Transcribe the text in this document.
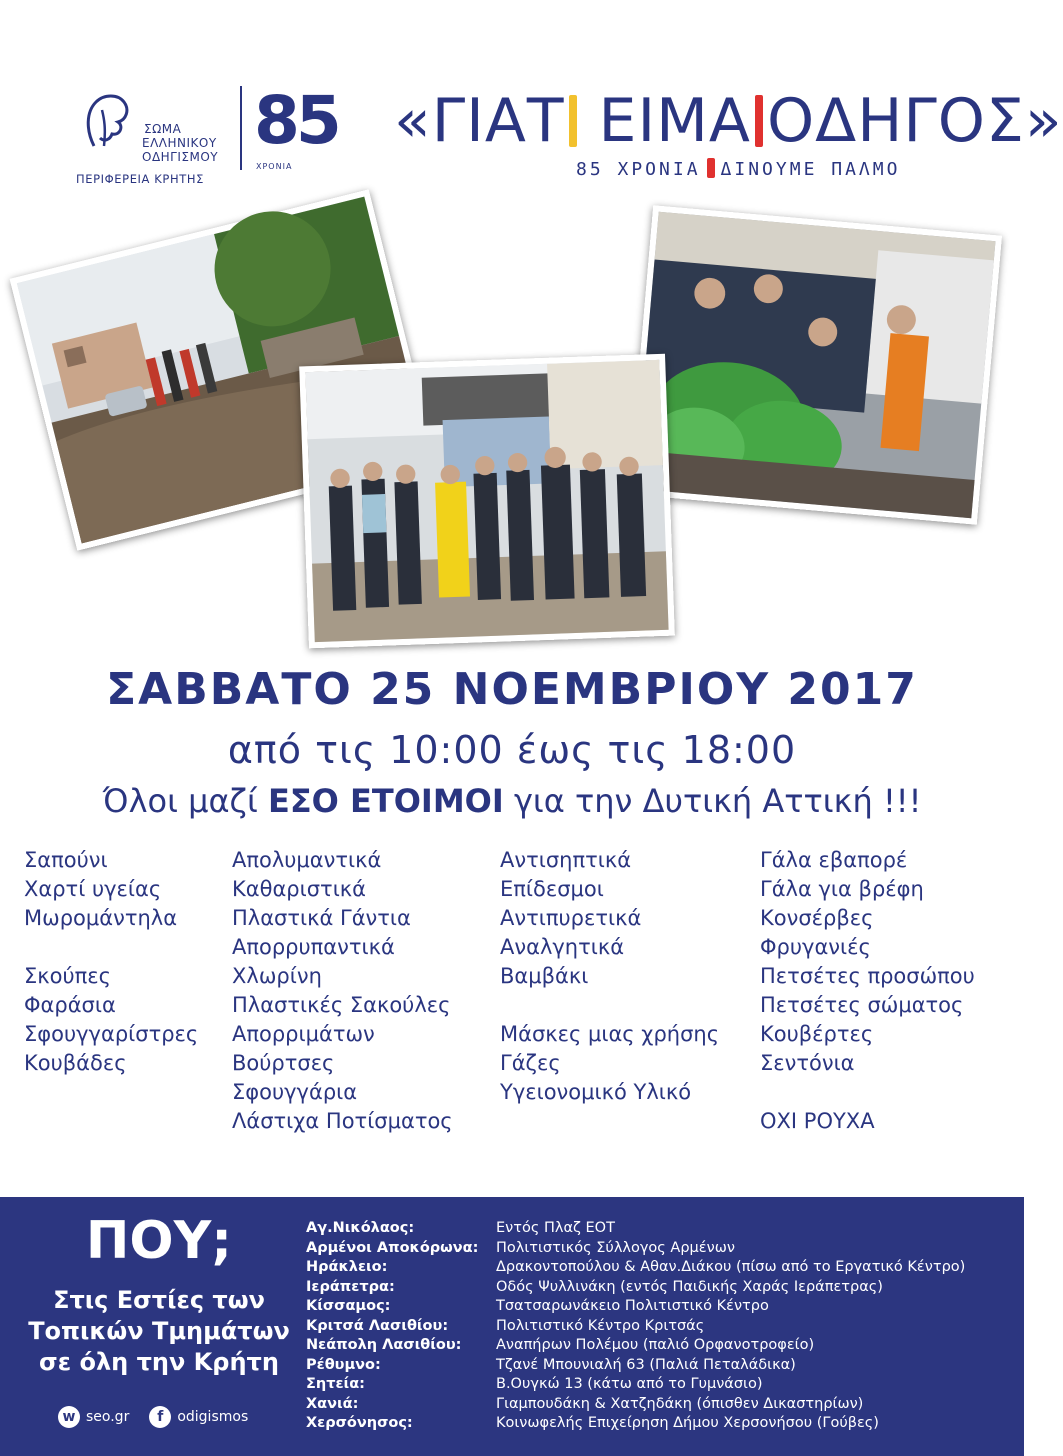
ΣΩΜΑ
ΕΛΛΗΝΙΚΟΥ
ΟΔΗΓΙΣΜΟΥ
ΠΕΡΙΦΕΡΕΙΑ ΚΡΗΤΗΣ
85
ΧΡΟΝΙΑ
«ΓΙΑΤ ΕΙΜΑ ΟΔΗΓΟΣ»
85 ΧΡΟΝΙΑ ΔΙΝΟΥΜΕ ΠΑΛΜΟ
ΣΑΒΒΑΤΟ 25 ΝΟΕΜΒΡΙΟΥ 2017
από τις 10:00 έως τις 18:00
Όλοι μαζί ΕΣΟ ΕΤΟΙΜΟΙ για την Δυτική Αττική !!!
Σαπούνι
Χαρτί υγείας
Μωρομάντηλα
Σκούπες
Φαράσια
Σφουγγαρίστρες
Κουβάδες
Απολυμαντικά
Καθαριστικά
Πλαστικά Γάντια
Απορρυπαντικά
Χλωρίνη
Πλαστικές Σακούλες
Απορριμάτων
Βούρτσες
Σφουγγάρια
Λάστιχα Ποτίσματος
Αντισηπτικά
Επίδεσμοι
Αντιπυρετικά
Αναλγητικά
Βαμβάκι
Μάσκες μιας χρήσης
Γάζες
Υγειονομικό Υλικό
Γάλα εβαπορέ
Γάλα για βρέφη
Κονσέρβες
Φρυγανιές
Πετσέτες προσώπου
Πετσέτες σώματος
Κουβέρτες
Σεντόνια
ΟΧΙ ΡΟΥΧΑ
ΠΟΥ;
Στις Εστίες των
Τοπικών Τμημάτων
σε όλη την Κρήτη
w seo.gr	f odigismos
Αγ.Νικόλαος:	Εντός Πλαζ ΕΟΤ
Αρμένοι Αποκόρωνα:	Πολιτιστικός Σύλλογος Αρμένων
Ηράκλειο:	Δρακοντοπούλου & Αθαν.Διάκου (πίσω από το Εργατικό Κέντρο)
Ιεράπετρα:	Οδός Ψυλλινάκη (εντός Παιδικής Χαράς Ιεράπετρας)
Κίσσαμος:	Τσατσαρωνάκειο Πολιτιστικό Κέντρο
Κριτσά Λασιθίου:	Πολιτιστικό Κέντρο Κριτσάς
Νεάπολη Λασιθίου:	Αναπήρων Πολέμου (παλιό Ορφανοτροφείο)
Ρέθυμνο:	Τζανέ Μπουνιαλή 63 (Παλιά Πεταλάδικα)
Σητεία:	Β.Ουγκώ 13 (κάτω από το Γυμνάσιο)
Χανιά:	Γιαμπουδάκη & Χατζηδάκη (όπισθεν Δικαστηρίων)
Χερσόνησος:	Κοινωφελής Επιχείρηση Δήμου Χερσονήσου (Γούβες)
